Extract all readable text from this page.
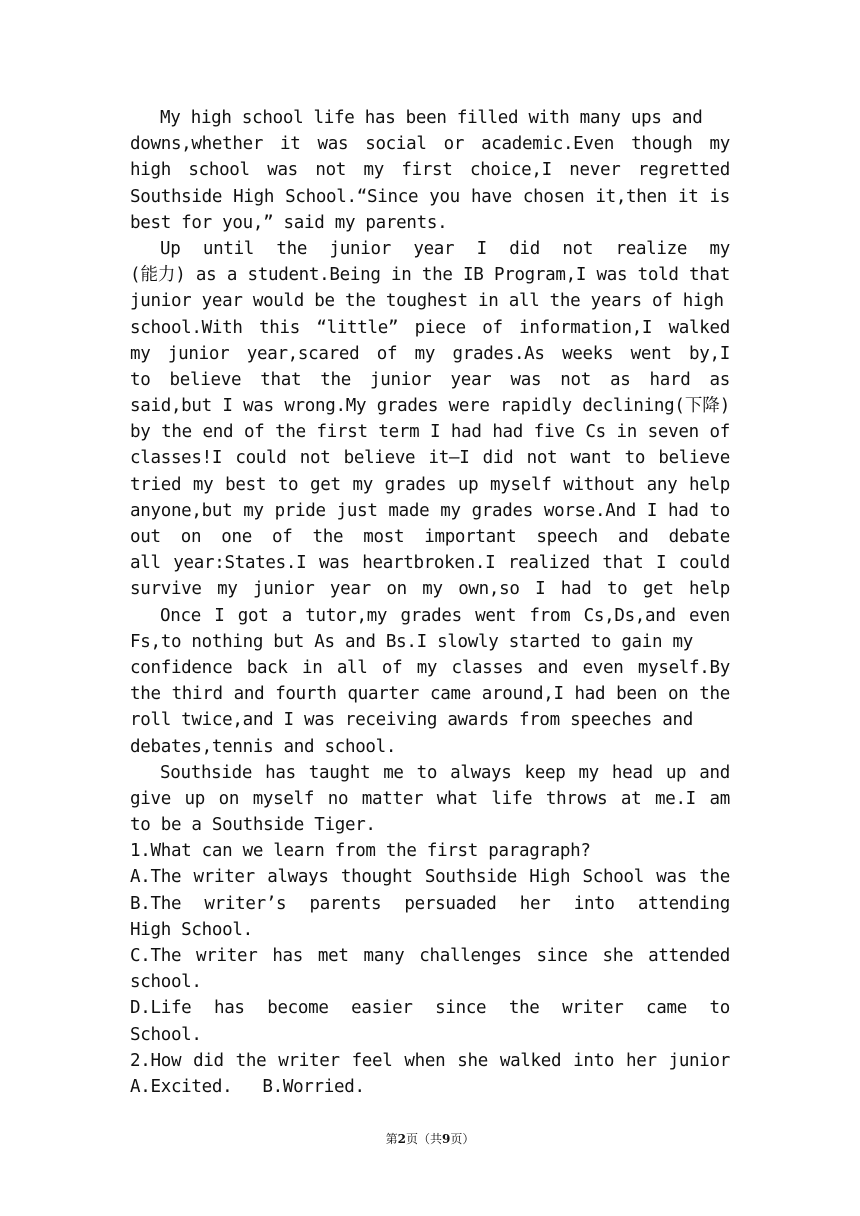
My high school life has been filled with many ups and
downs,whether it was social or academic.Even though my
high school was not my first choice,I never regretted
Southside High School.“Since you have chosen it,then it is
best for you,” said my parents.
Up until the junior year I did not realize my
(能力) as a student.Being in the IB Program,I was told that
junior year would be the toughest in all the years of high
school.With this “little” piece of information,I walked
my junior year,scared of my grades.As weeks went by,I
to believe that the junior year was not as hard as
said,but I was wrong.My grades were rapidly declining(下降)
by the end of the first term I had had five Cs in seven of
classes!I could not believe it—I did not want to believe
tried my best to get my grades up myself without any help
anyone,but my pride just made my grades worse.And I had to
out on one of the most important speech and debate
all year:States.I was heartbroken.I realized that I could
survive my junior year on my own,so I had to get help
Once I got a tutor,my grades went from Cs,Ds,and even
Fs,to nothing but As and Bs.I slowly started to gain my
confidence back in all of my classes and even myself.By
the third and fourth quarter came around,I had been on the
roll twice,and I was receiving awards from speeches and
debates,tennis and school.
Southside has taught me to always keep my head up and
give up on myself no matter what life throws at me.I am
to be a Southside Tiger.
1.What can we learn from the first paragraph?
A.The writer always thought Southside High School was the
B.The writer’s parents persuaded her into attending
High School.
C.The writer has met many challenges since she attended
school.
D.Life has become easier since the writer came to
School.
2.How did the writer feel when she walked into her junior
A.Excited. B.Worried.
第2页（共9页）
